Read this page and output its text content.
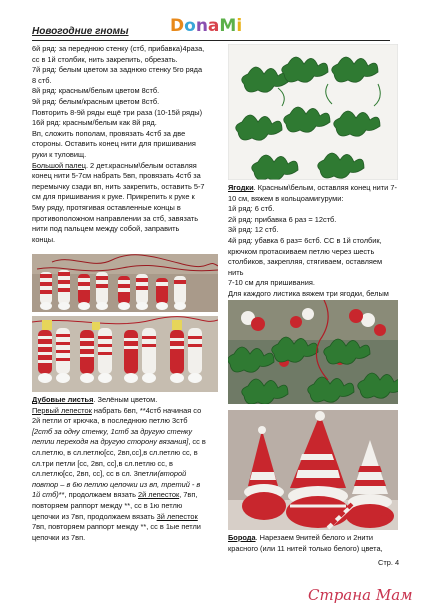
Новогодние гномы DonaMi

6й ряд: за переднюю стенку (стб, прибавка)4раза,

сс в 1й столбик, нить закрепить, обрезать.

7й ряд: белым цветом за заднюю стенку 5го ряда

8 стб.

8й ряд: красным/белым цветом 8стб.

9й ряд: белым/красным цветом 8стб.

Повторить 8-9й ряды ещё три раза (10-15й ряды)

16й ряд: красным/белым как 8й ряд.

Вп, сложить пополам, провязать 4стб за две

стороны. Оставить конец нити для пришивания

руки к туловищ.

Большой палец. 2 дет.красным\белым оставляя

конец нити 5-7см набрать 5вп, провязать 4стб за

перемычку сзади вп, нить закрепить, оставить 5-7

см для пришивания к руке. Прикрепить к руке к

5му ряду, протягивая оставленные концы в

противоположном направлении за стб, завязать

нити под пальцем между собой, заправить

концы.

Дубовые листья. Зелёным цветом.

Первый лепесток набрать 6вп, **4стб начиная со

2й петли от крючка, в последнюю петлю 3стб

[2стб за одну стенку, 1стб за другую стенку

петли переходя на другую сторону вязания], сс в

сл.петлю, в сл.петлю[сс, 2вп,сс],в сл.петлю сс, в

сл.три петли [сс, 2вп, сс],в сл.петлю сс, в

сл.петлю[сс, 2вп, сс], сс в сл. 3петли(второй

повтор – в 6ю петлю цепочки из вп, третий - в

1й стб)**, продолжаем вязать 2й лепесток, 7вп,

повторяем раппорт между **, сс в 1ю петлю

цепочки из 7вп, продолжаем вязать 3й лепесток

7вп, повторяем раппорт между **, сс в 1ые петли

цепочки из 7вп.

Ягодки. Красным\белым, оставляя конец нити 7-

10 см, вяжем в кольцоамигуруми:

1й ряд: 6 стб.

2й ряд: прибавка 6 раз = 12стб.

3й ряд: 12 стб.

4й ряд: убавка 6 раз= 6стб. СС в 1й столбик,

крючком протаскиваем петлю через шесть

столбиков, закрепляя, стягиваем, оставляем нить

7-10 см для пришивания.

Для каждого листика вяжем три ягодки, белым

Борода. Нарезаем 9нитей белого и 2нити

красного (или 11 нитей только белого) цвета,

Стр. 4
Страна Мам
